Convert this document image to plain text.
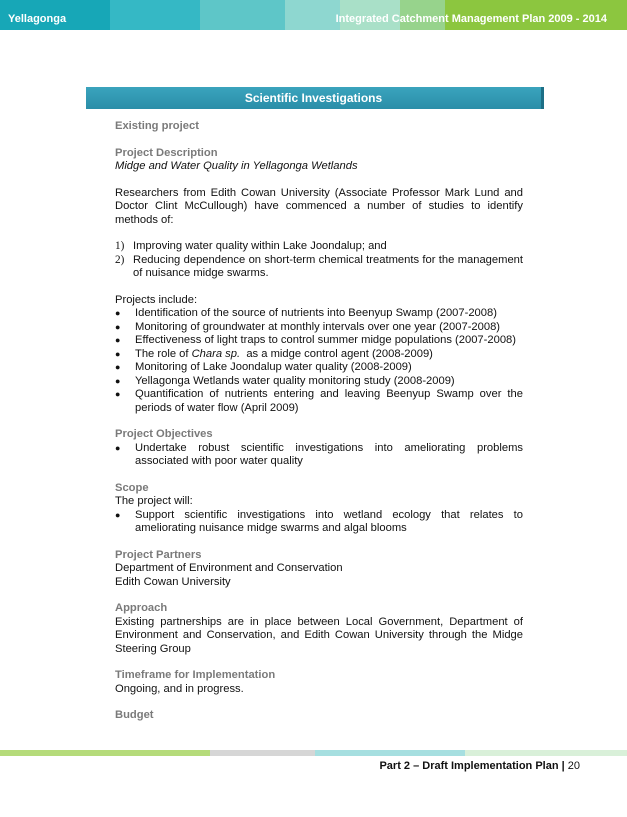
Yellagonga	Integrated Catchment Management Plan 2009 - 2014
Scientific Investigations

Existing project

Project Description

Midge and Water Quality in Yellagonga Wetlands

Researchers from Edith Cowan University (Associate Professor Mark Lund and Doctor Clint McCullough) have commenced a number of studies to identify methods of:

1) Improving water quality within Lake Joondalup; and
2) Reducing dependence on short-term chemical treatments for the management of nuisance midge swarms.

Projects include:

●	Identification of the source of nutrients into Beenyup Swamp (2007-2008)
●	Monitoring of groundwater at monthly intervals over one year (2007-2008)
●	Effectiveness of light traps to control summer midge populations (2007-2008)
●	The role of Chara sp.  as a midge control agent (2008-2009)
●	Monitoring of Lake Joondalup water quality (2008-2009)
●	Yellagonga Wetlands water quality monitoring study (2008-2009)
●	Quantification of nutrients entering and leaving Beenyup Swamp over the periods of water flow (April 2009)

Project Objectives

●	Undertake robust scientific investigations into ameliorating problems associated with poor water quality

Scope

The project will:

●	Support scientific investigations into wetland ecology that relates to ameliorating nuisance midge swarms and algal blooms

Project Partners

Department of Environment and Conservation

Edith Cowan University

Approach

Existing partnerships are in place between Local Government, Department of Environment and Conservation, and Edith Cowan University through the Midge Steering Group

Timeframe for Implementation

Ongoing, and in progress.

Budget

Part 2 – Draft Implementation Plan | 20
